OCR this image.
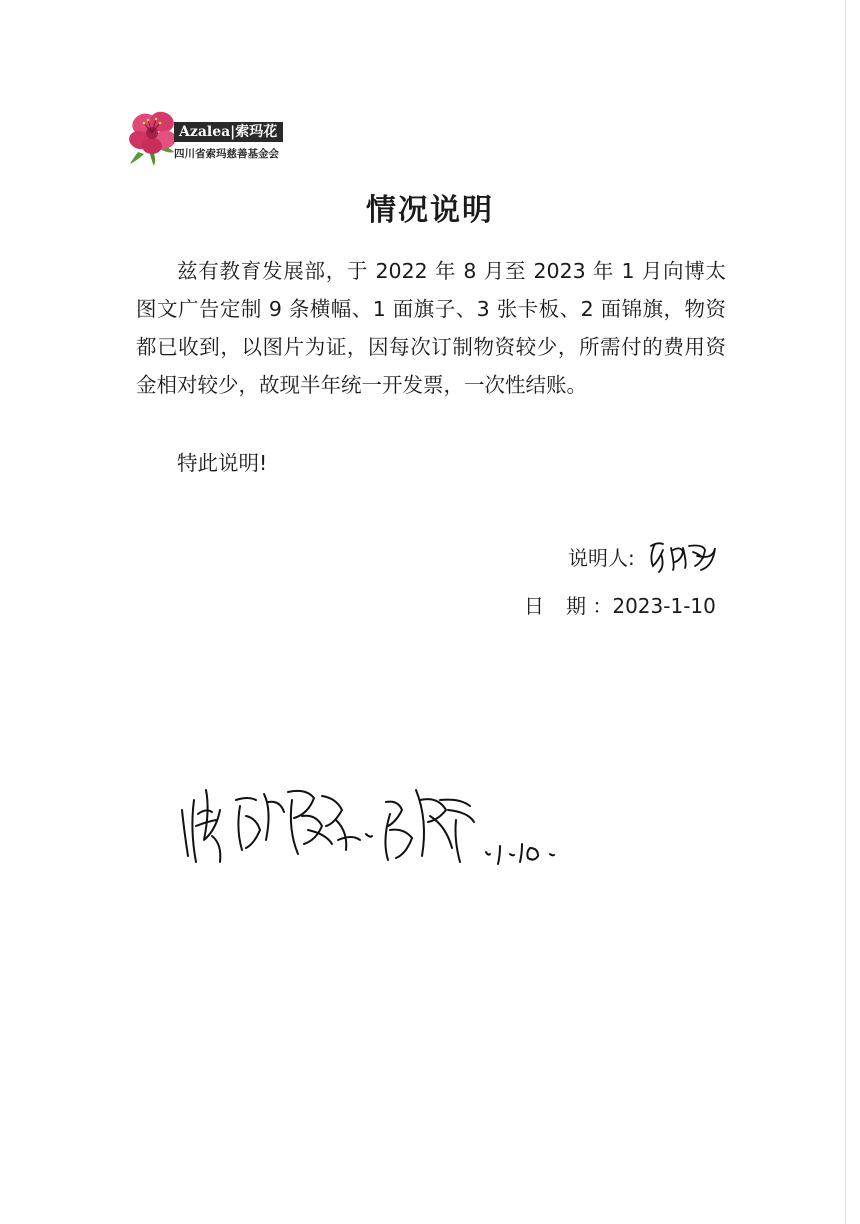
Azalea|索玛花
四川省索玛慈善基金会
情况说明

兹有教育发展部，于 2022 年 8 月至 2023 年 1 月向博太图文广告定制 9 条横幅、1 面旗子、3 张卡板、2 面锦旗，物资都已收到，以图片为证，因每次订制物资较少，所需付的费用资金相对较少，故现半年统一开发票，一次性结账。

特此说明!

说明人:
日 期 ：2023-1-10
